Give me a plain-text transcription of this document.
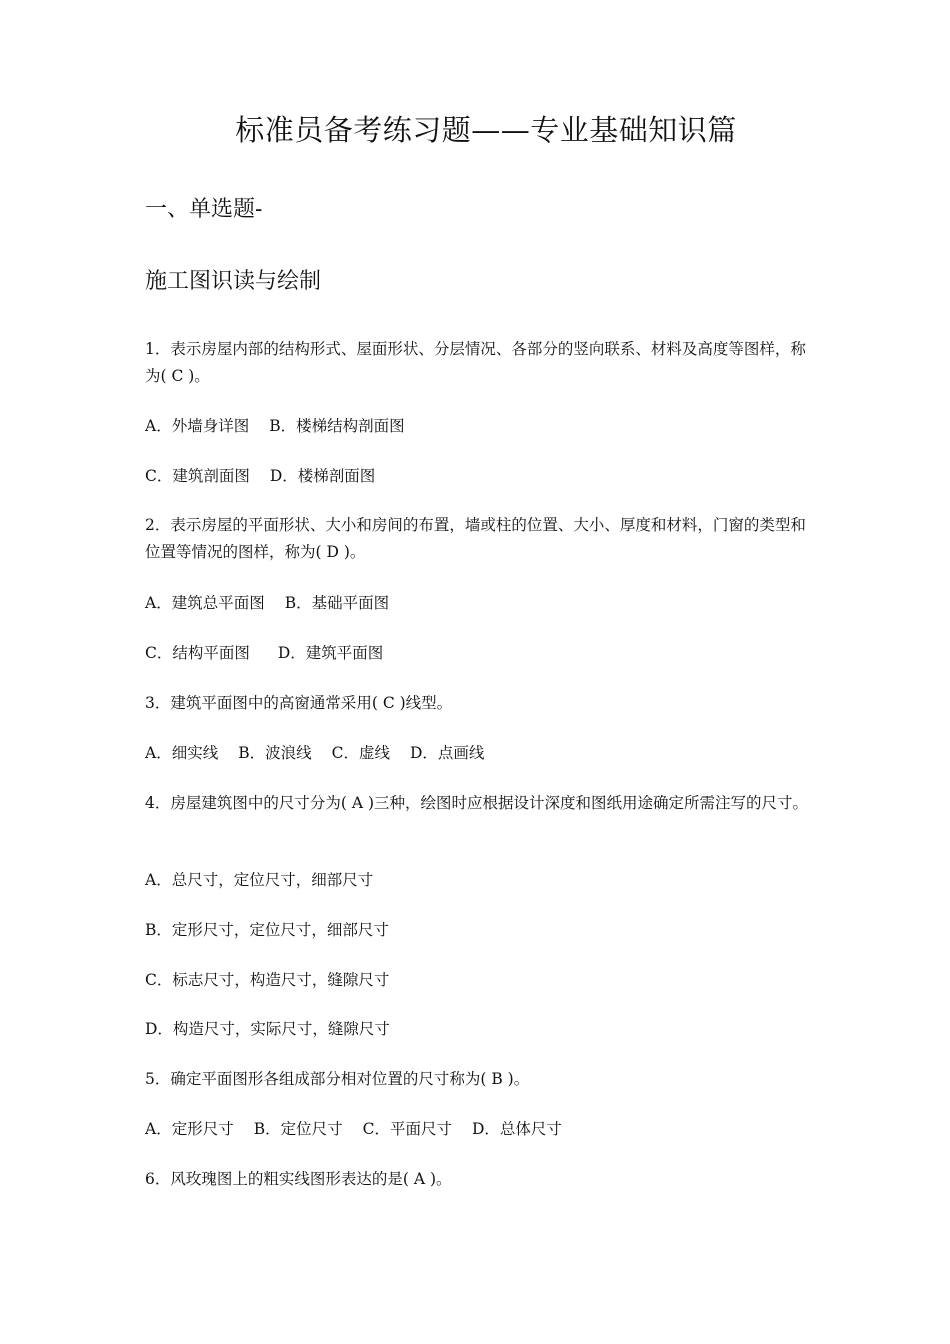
标准员备考练习题——专业基础知识篇
一、单选题-
施工图识读与绘制
1．表示房屋内部的结构形式、屋面形状、分层情况、各部分的竖向联系、材料及高度等图样，称为( C )。
A．外墙身详图 B．楼梯结构剖面图
C．建筑剖面图 D．楼梯剖面图
2．表示房屋的平面形状、大小和房间的布置，墙或柱的位置、大小、厚度和材料，门窗的类型和位置等情况的图样，称为( D )。
A．建筑总平面图 B．基础平面图
C．结构平面图 D．建筑平面图
3．建筑平面图中的高窗通常采用( C )线型。
A．细实线 B．波浪线 C．虚线 D．点画线
4．房屋建筑图中的尺寸分为( A )三种，绘图时应根据设计深度和图纸用途确定所需注写的尺寸。
A．总尺寸，定位尺寸，细部尺寸
B．定形尺寸，定位尺寸，细部尺寸
C．标志尺寸，构造尺寸，缝隙尺寸
D．构造尺寸，实际尺寸，缝隙尺寸
5．确定平面图形各组成部分相对位置的尺寸称为( B )。
A．定形尺寸 B．定位尺寸 C．平面尺寸 D．总体尺寸
6．风玫瑰图上的粗实线图形表达的是( A )。
